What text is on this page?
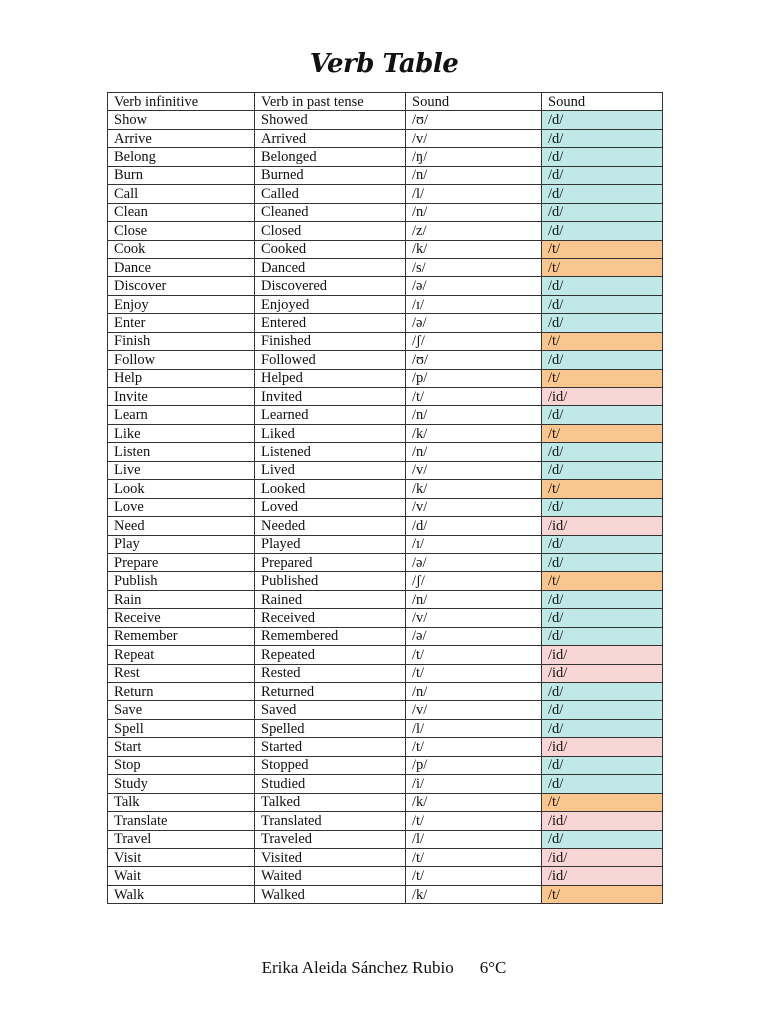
Verb Table
Verb infinitive	Verb in past tense	Sound	Sound
Show	Showed	/ʊ/	/d/
Arrive	Arrived	/v/	/d/
Belong	Belonged	/ŋ/	/d/
Burn	Burned	/n/	/d/
Call	Called	/l/	/d/
Clean	Cleaned	/n/	/d/
Close	Closed	/z/	/d/
Cook	Cooked	/k/	/t/
Dance	Danced	/s/	/t/
Discover	Discovered	/ə/	/d/
Enjoy	Enjoyed	/ɪ/	/d/
Enter	Entered	/ə/	/d/
Finish	Finished	/ʃ/	/t/
Follow	Followed	/ʊ/	/d/
Help	Helped	/p/	/t/
Invite	Invited	/t/	/id/
Learn	Learned	/n/	/d/
Like	Liked	/k/	/t/
Listen	Listened	/n/	/d/
Live	Lived	/v/	/d/
Look	Looked	/k/	/t/
Love	Loved	/v/	/d/
Need	Needed	/d/	/id/
Play	Played	/ɪ/	/d/
Prepare	Prepared	/ə/	/d/
Publish	Published	/ʃ/	/t/
Rain	Rained	/n/	/d/
Receive	Received	/v/	/d/
Remember	Remembered	/ə/	/d/
Repeat	Repeated	/t/	/id/
Rest	Rested	/t/	/id/
Return	Returned	/n/	/d/
Save	Saved	/v/	/d/
Spell	Spelled	/l/	/d/
Start	Started	/t/	/id/
Stop	Stopped	/p/	/d/
Study	Studied	/i/	/d/
Talk	Talked	/k/	/t/
Translate	Translated	/t/	/id/
Travel	Traveled	/l/	/d/
Visit	Visited	/t/	/id/
Wait	Waited	/t/	/id/
Walk	Walked	/k/	/t/
Erika Aleida Sánchez Rubio 6°C
